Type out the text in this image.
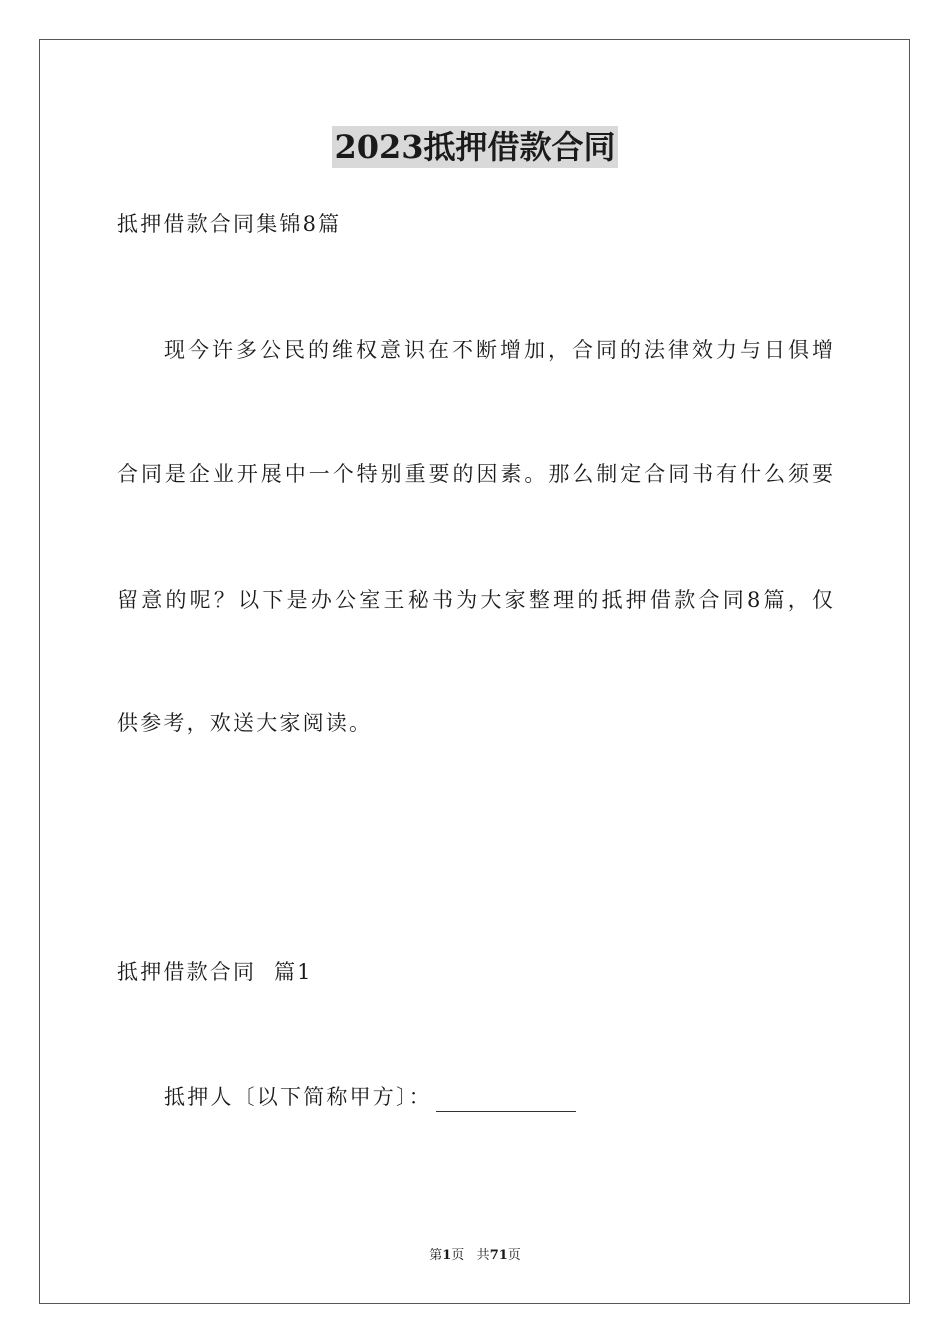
2023抵押借款合同
抵押借款合同集锦8篇
现今许多公民的维权意识在不断增加，合同的法律效力与日俱增
合同是企业开展中一个特别重要的因素。那么制定合同书有什么须要
留意的呢？以下是办公室王秘书为大家整理的抵押借款合同8篇，仅
供参考，欢送大家阅读。
抵押借款合同  篇1
抵押人〔以下简称甲方〕：
第1页 共71页
